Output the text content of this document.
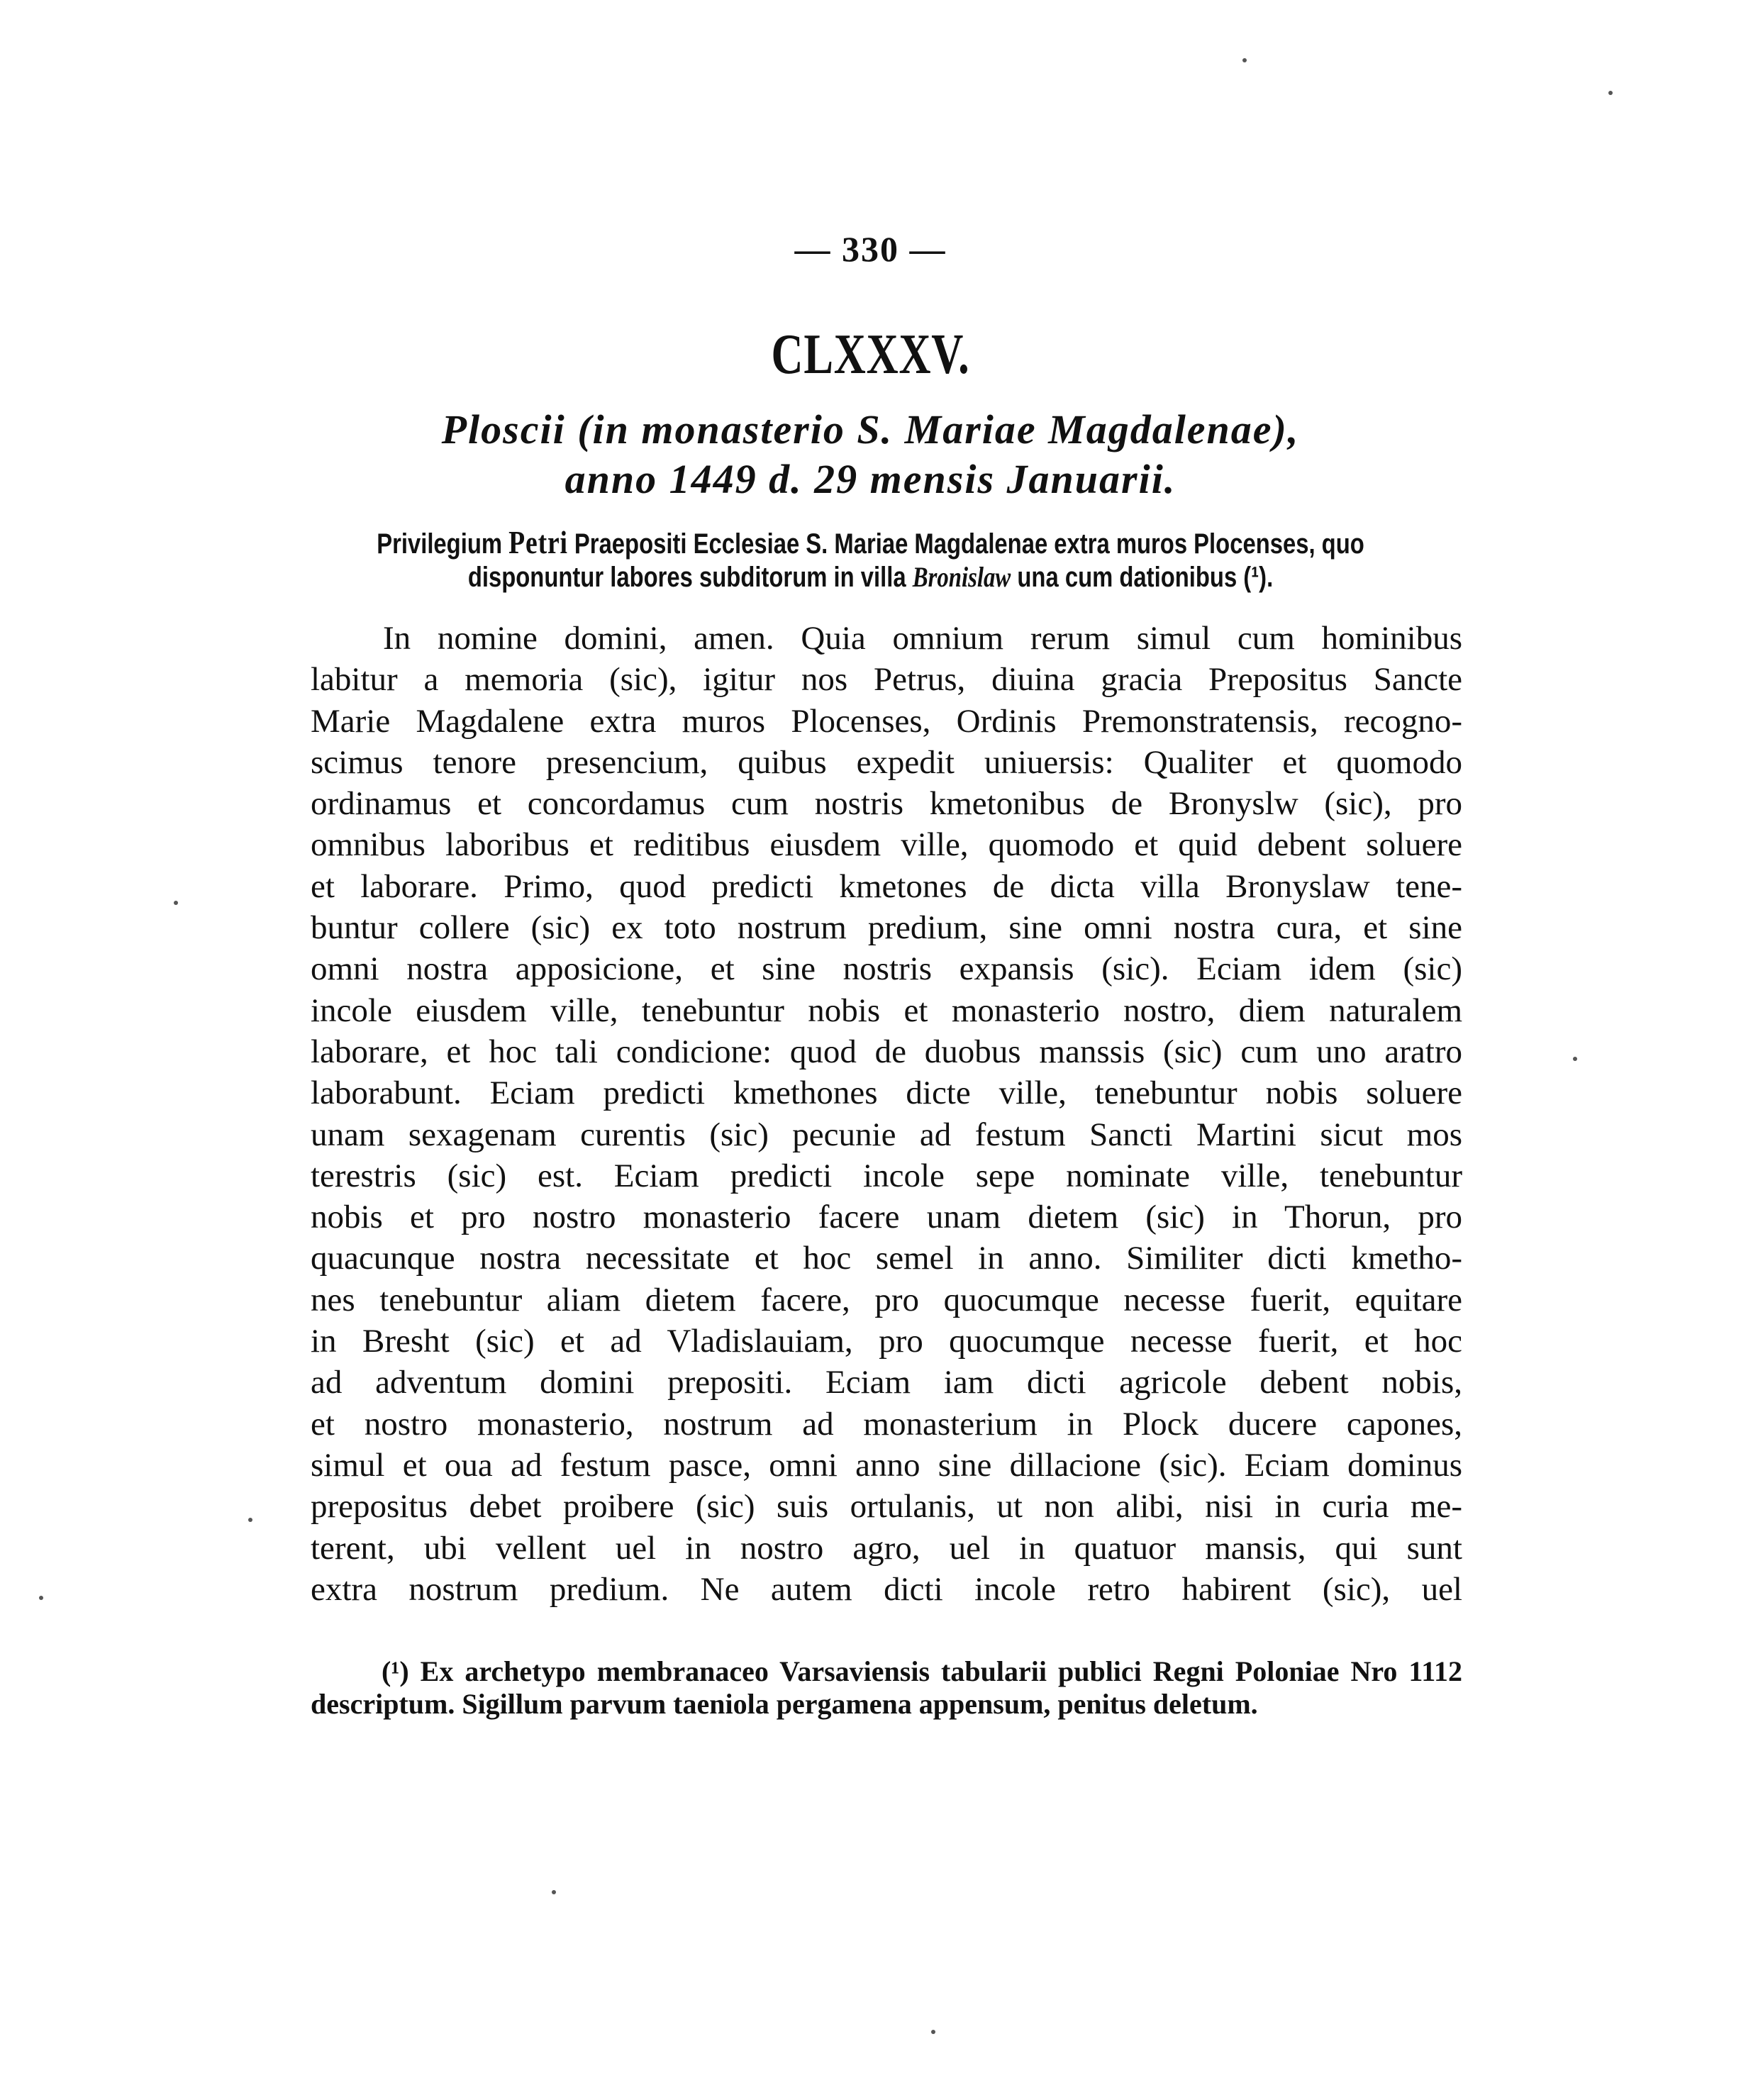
— 330 —
CLXXXV.
Ploscii (in monasterio S. Mariae Magdalenae),
anno 1449 d. 29 mensis Januarii.
Privilegium Petri Praepositi Ecclesiae S. Mariae Magdalenae extra muros Plocenses, quo
disponuntur labores subditorum in villa Bronislaw una cum dationibus (¹).
In nomine domini, amen. Quia omnium rerum simul cum hominibus
labitur a memoria (sic), igitur nos Petrus, diuina gracia Prepositus Sancte
Marie Magdalene extra muros Plocenses, Ordinis Premonstratensis, recogno-
scimus tenore presencium, quibus expedit uniuersis: Qualiter et quomodo
ordinamus et concordamus cum nostris kmetonibus de Bronyslw (sic), pro
omnibus laboribus et reditibus eiusdem ville, quomodo et quid debent soluere
et laborare. Primo, quod predicti kmetones de dicta villa Bronyslaw tene-
buntur collere (sic) ex toto nostrum predium, sine omni nostra cura, et sine
omni nostra apposicione, et sine nostris expansis (sic). Eciam idem (sic)
incole eiusdem ville, tenebuntur nobis et monasterio nostro, diem naturalem
laborare, et hoc tali condicione: quod de duobus manssis (sic) cum uno aratro
laborabunt. Eciam predicti kmethones dicte ville, tenebuntur nobis soluere
unam sexagenam curentis (sic) pecunie ad festum Sancti Martini sicut mos
terestris (sic) est. Eciam predicti incole sepe nominate ville, tenebuntur
nobis et pro nostro monasterio facere unam dietem (sic) in Thorun, pro
quacunque nostra necessitate et hoc semel in anno. Similiter dicti kmetho-
nes tenebuntur aliam dietem facere, pro quocumque necesse fuerit, equitare
in Bresht (sic) et ad Vladislauiam, pro quocumque necesse fuerit, et hoc
ad adventum domini prepositi. Eciam iam dicti agricole debent nobis,
et nostro monasterio, nostrum ad monasterium in Plock ducere capones,
simul et oua ad festum pasce, omni anno sine dillacione (sic). Eciam dominus
prepositus debet proibere (sic) suis ortulanis, ut non alibi, nisi in curia me-
terent, ubi vellent uel in nostro agro, uel in quatuor mansis, qui sunt
extra nostrum predium. Ne autem dicti incole retro habirent (sic), uel
(¹) Ex archetypo membranaceo Varsaviensis tabularii publici Regni Poloniae Nro 1112
descriptum. Sigillum parvum taeniola pergamena appensum, penitus deletum.
